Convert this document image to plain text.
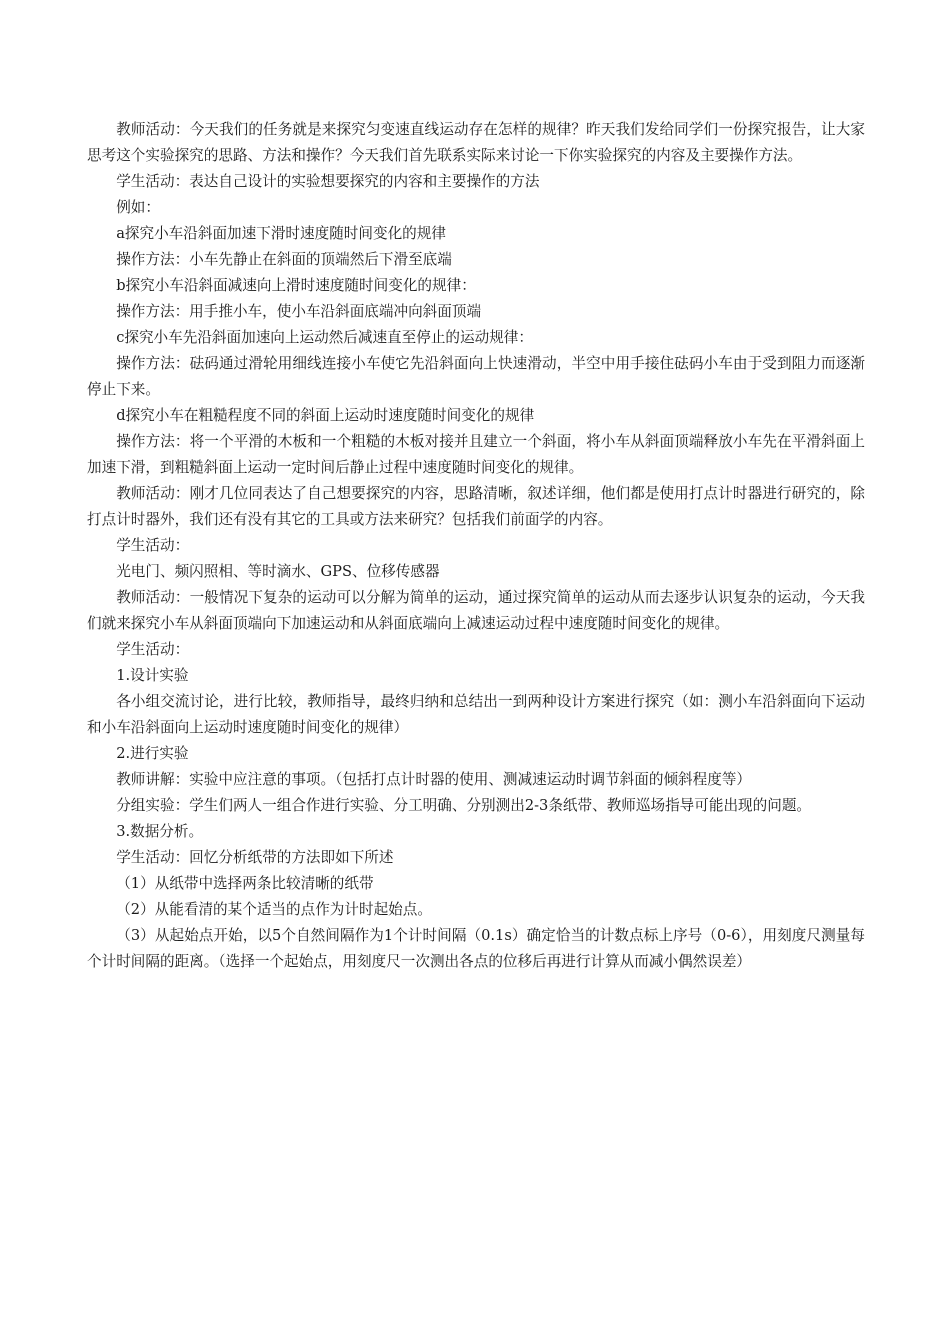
教师活动：今天我们的任务就是来探究匀变速直线运动存在怎样的规律？昨天我们发给同学们一份探究报告，让大家思考这个实验探究的思路、方法和操作？今天我们首先联系实际来讨论一下你实验探究的内容及主要操作方法。

学生活动：表达自己设计的实验想要探究的内容和主要操作的方法

例如：

a探究小车沿斜面加速下滑时速度随时间变化的规律

操作方法：小车先静止在斜面的顶端然后下滑至底端

b探究小车沿斜面减速向上滑时速度随时间变化的规律：

操作方法：用手推小车，使小车沿斜面底端冲向斜面顶端

c探究小车先沿斜面加速向上运动然后减速直至停止的运动规律：

操作方法：砝码通过滑轮用细线连接小车使它先沿斜面向上快速滑动，半空中用手接住砝码小车由于受到阻力而逐渐停止下来。

d探究小车在粗糙程度不同的斜面上运动时速度随时间变化的规律

操作方法：将一个平滑的木板和一个粗糙的木板对接并且建立一个斜面，将小车从斜面顶端释放小车先在平滑斜面上加速下滑，到粗糙斜面上运动一定时间后静止过程中速度随时间变化的规律。

教师活动：刚才几位同表达了自己想要探究的内容，思路清晰，叙述详细，他们都是使用打点计时器进行研究的，除打点计时器外，我们还有没有其它的工具或方法来研究？包括我们前面学的内容。

学生活动：

光电门、频闪照相、等时滴水、GPS、位移传感器

教师活动：一般情况下复杂的运动可以分解为简单的运动，通过探究简单的运动从而去逐步认识复杂的运动，今天我们就来探究小车从斜面顶端向下加速运动和从斜面底端向上减速运动过程中速度随时间变化的规律。

学生活动：

1.设计实验

各小组交流讨论，进行比较，教师指导，最终归纳和总结出一到两种设计方案进行探究（如：测小车沿斜面向下运动和小车沿斜面向上运动时速度随时间变化的规律）

2.进行实验

教师讲解：实验中应注意的事项。（包括打点计时器的使用、测减速运动时调节斜面的倾斜程度等）

分组实验：学生们两人一组合作进行实验、分工明确、分别测出2-3条纸带、教师巡场指导可能出现的问题。

3.数据分析。

学生活动：回忆分析纸带的方法即如下所述

（1）从纸带中选择两条比较清晰的纸带

（2）从能看清的某个适当的点作为计时起始点。

（3）从起始点开始，以5个自然间隔作为1个计时间隔（0.1s）确定恰当的计数点标上序号（0-6），用刻度尺测量每个计时间隔的距离。（选择一个起始点，用刻度尺一次测出各点的位移后再进行计算从而减小偶然误差）
